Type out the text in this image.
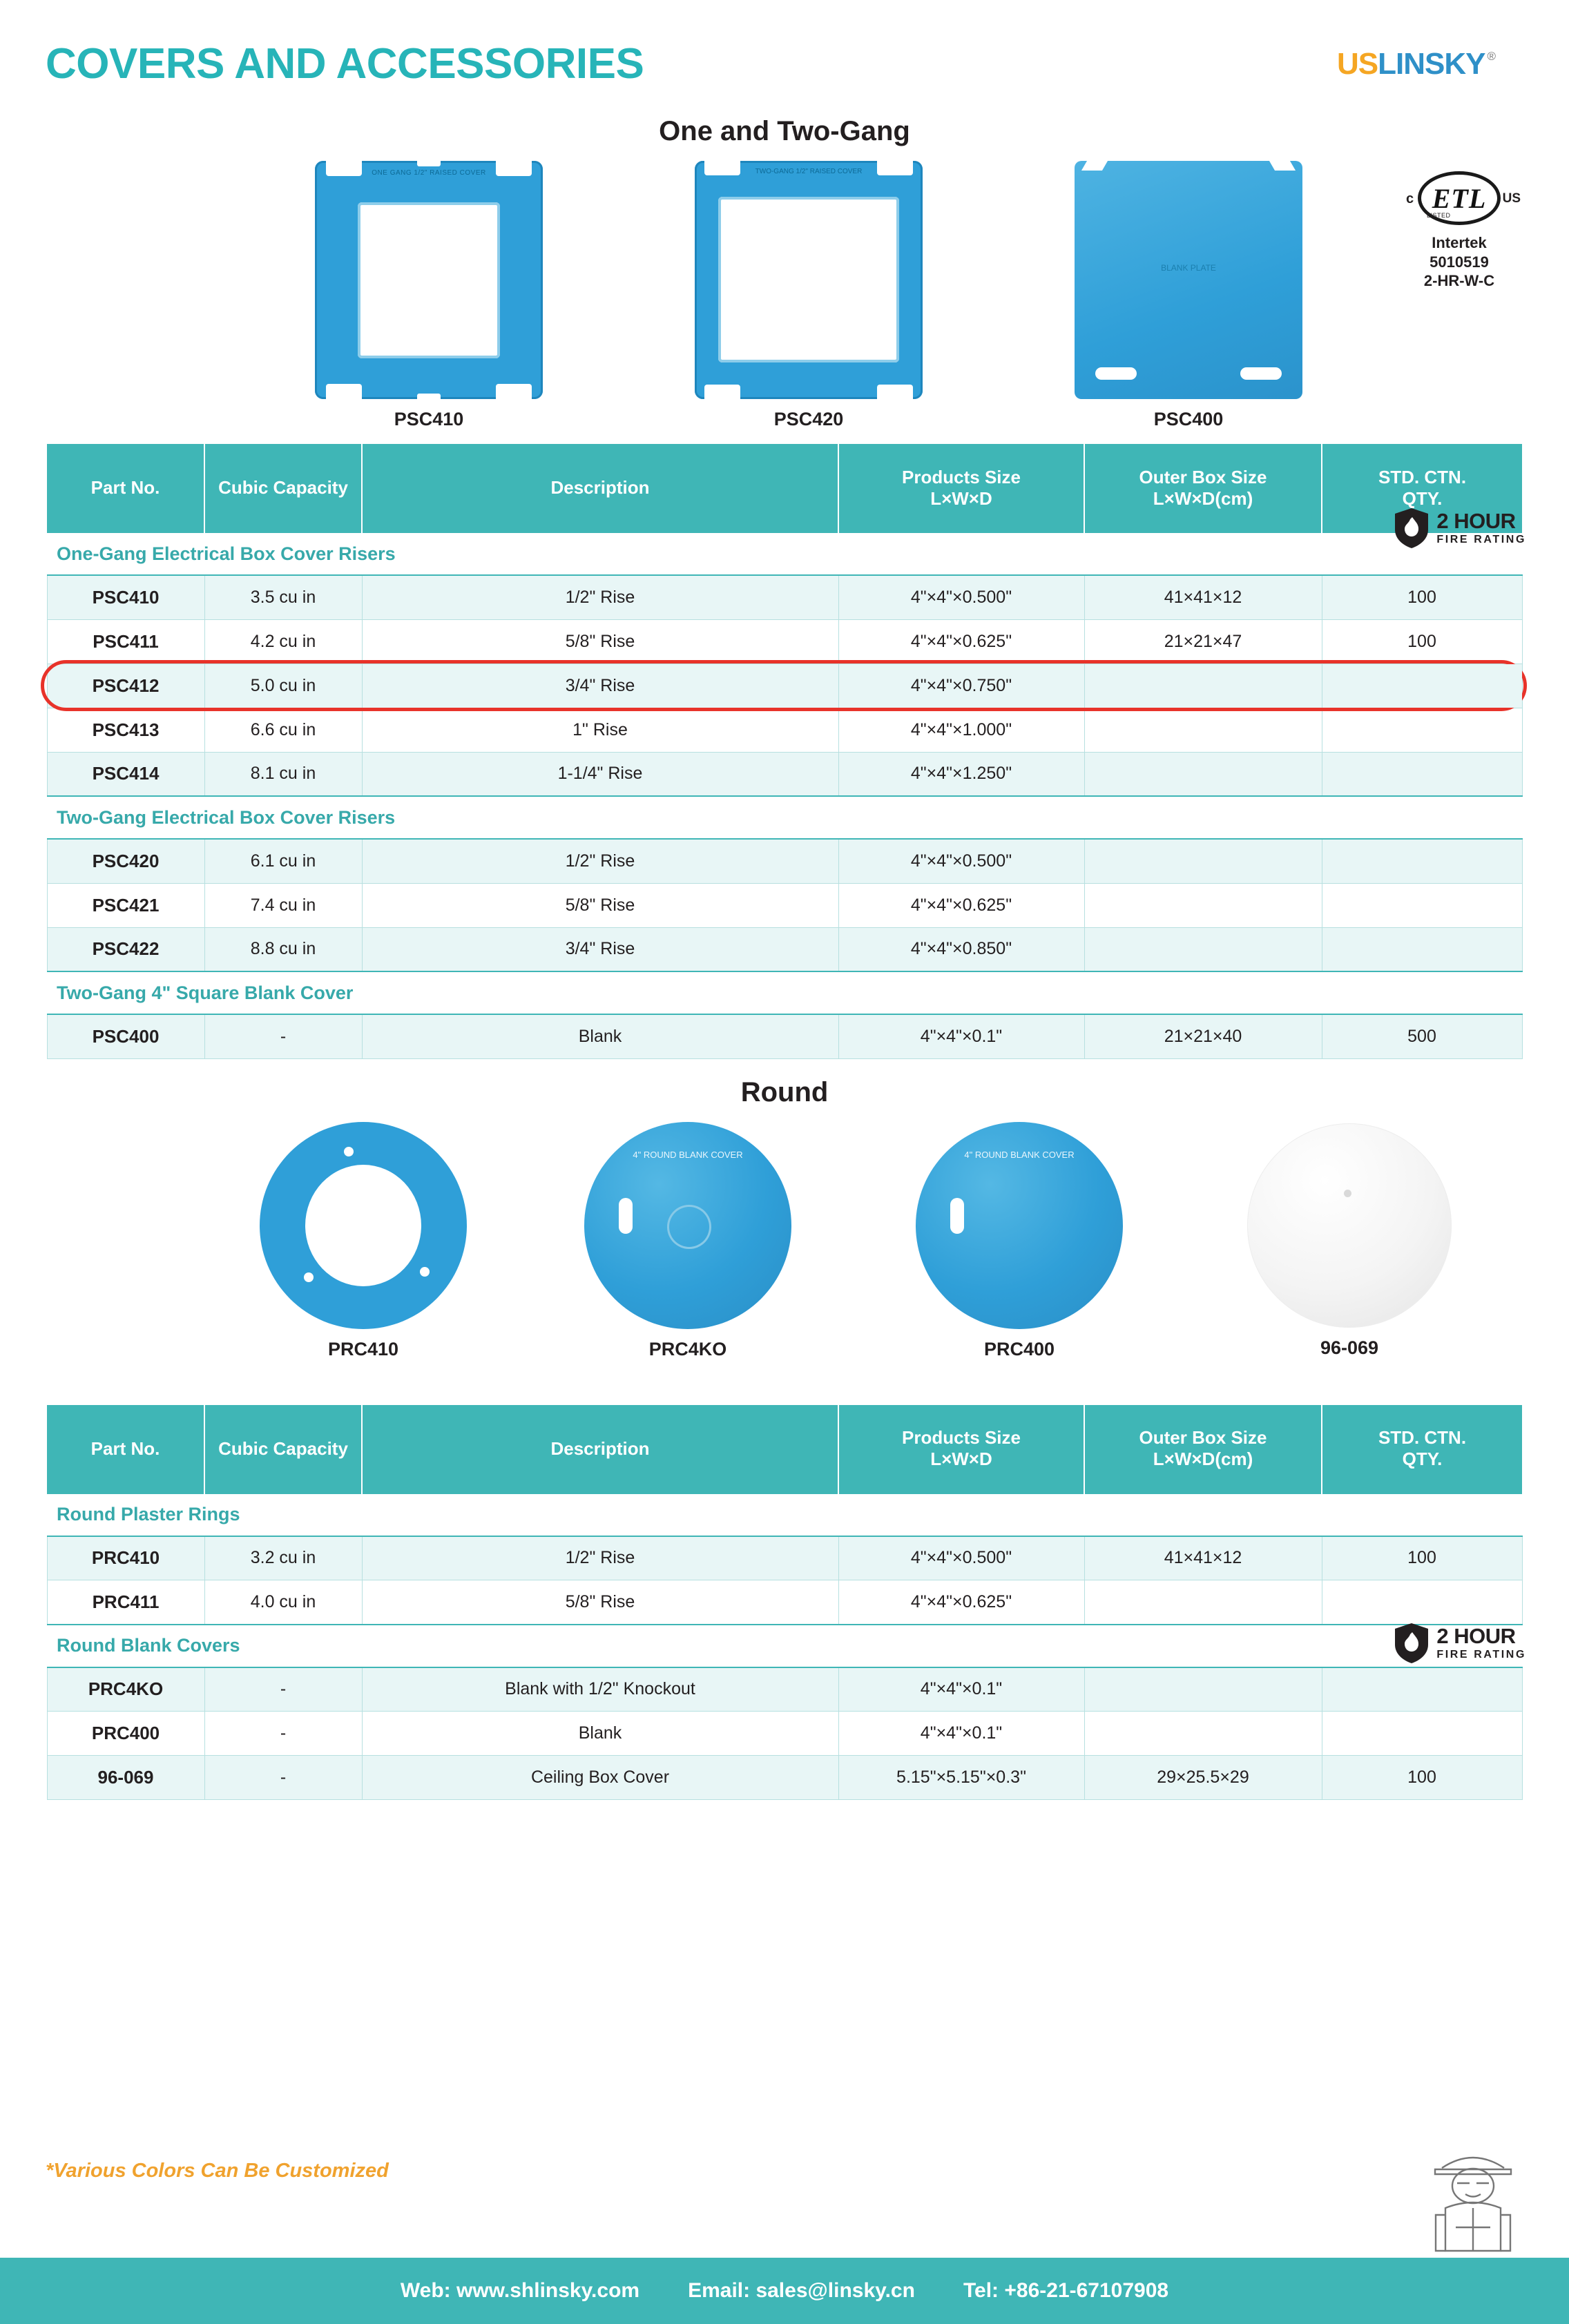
COVERS AND ACCESSORIES	US LINSKY ®
One and Two-Gang
c ETL US
LISTED
Intertek
5010519
2-HR-W-C
ONE GANG 1/2" RAISED COVER
PSC410
TWO-GANG 1/2" RAISED COVER
PSC420
BLANK PLATE
PSC400
2 HOUR
FIRE RATING
Part No.	Cubic Capacity	Description	Products Size
L×W×D	Outer Box Size
L×W×D(cm)	STD. CTN.
QTY.
One-Gang Electrical Box Cover Risers					
PSC410	3.5 cu in	1/2" Rise	4"×4"×0.500"	41×41×12	100
PSC411	4.2 cu in	5/8" Rise	4"×4"×0.625"	21×21×47	100
PSC412	5.0 cu in	3/4" Rise	4"×4"×0.750"		
PSC413	6.6 cu in	1" Rise	4"×4"×1.000"		
PSC414	8.1 cu in	1-1/4" Rise	4"×4"×1.250"		
Two-Gang Electrical Box Cover Risers					
PSC420	6.1 cu in	1/2" Rise	4"×4"×0.500"		
PSC421	7.4 cu in	5/8" Rise	4"×4"×0.625"		
PSC422	8.8 cu in	3/4" Rise	4"×4"×0.850"		
Two-Gang 4" Square Blank Cover					
PSC400	-	Blank	4"×4"×0.1"	21×21×40	500
Round
PRC410
4" ROUND BLANK COVER
PRC4KO
4" ROUND BLANK COVER
PRC400	96-069
2 HOUR
FIRE RATING
Part No.	Cubic Capacity	Description	Products Size
L×W×D	Outer Box Size
L×W×D(cm)	STD. CTN.
QTY.
Round Plaster Rings					
PRC410	3.2 cu in	1/2" Rise	4"×4"×0.500"	41×41×12	100
PRC411	4.0 cu in	5/8" Rise	4"×4"×0.625"		
Round Blank Covers					
PRC4KO	-	Blank with 1/2" Knockout	4"×4"×0.1"		
PRC400	-	Blank	4"×4"×0.1"		
96-069	-	Ceiling Box Cover	5.15"×5.15"×0.3"	29×25.5×29	100
*Various Colors Can Be Customized
Web: www.shlinsky.com Email: sales@linsky.cn Tel: +86-21-67107908
